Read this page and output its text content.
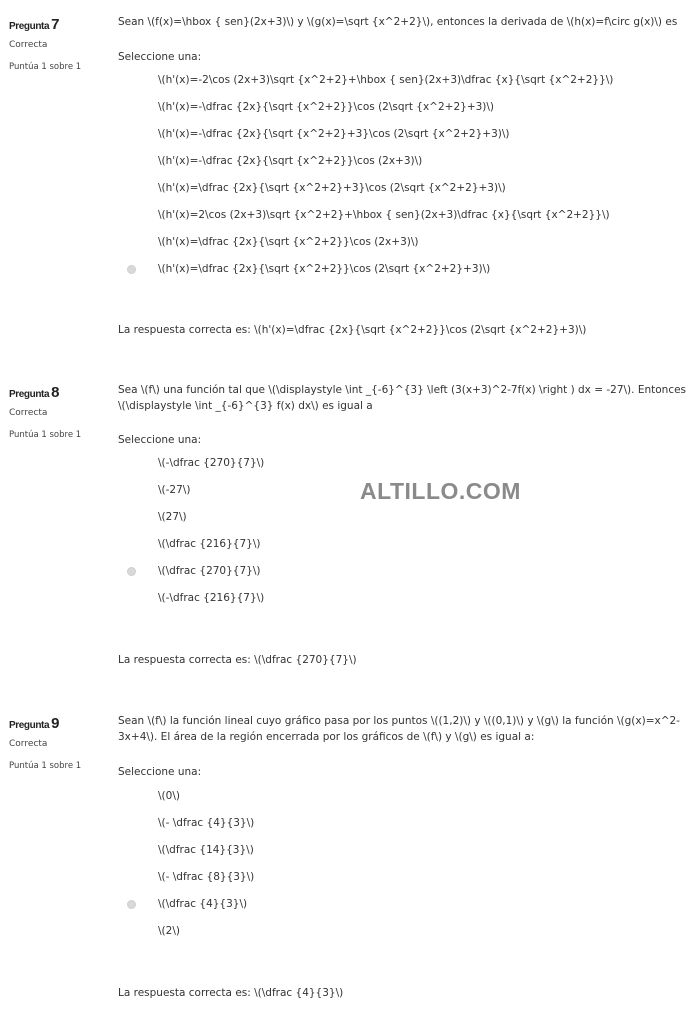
Pregunta 7
Correcta
Puntúa 1 sobre 1

Sean \(f(x)=\hbox { sen}(2x+3)\) y \(g(x)=\sqrt {x^2+2}\), entonces la derivada de \(h(x)=f\circ g(x)\) es

Seleccione una:
\(h'(x)=-2\cos (2x+3)\sqrt {x^2+2}+\hbox { sen}(2x+3)\dfrac {x}{\sqrt {x^2+2}}\)
\(h'(x)=-\dfrac {2x}{\sqrt {x^2+2}}\cos (2\sqrt {x^2+2}+3)\)
\(h'(x)=-\dfrac {2x}{\sqrt {x^2+2}+3}\cos (2\sqrt {x^2+2}+3)\)
\(h'(x)=-\dfrac {2x}{\sqrt {x^2+2}}\cos (2x+3)\)
\(h'(x)=\dfrac {2x}{\sqrt {x^2+2}+3}\cos (2\sqrt {x^2+2}+3)\)
\(h'(x)=2\cos (2x+3)\sqrt {x^2+2}+\hbox { sen}(2x+3)\dfrac {x}{\sqrt {x^2+2}}\)
\(h'(x)=\dfrac {2x}{\sqrt {x^2+2}}\cos (2x+3)\)
\(h'(x)=\dfrac {2x}{\sqrt {x^2+2}}\cos (2\sqrt {x^2+2}+3)\)
La respuesta correcta es: \(h'(x)=\dfrac {2x}{\sqrt {x^2+2}}\cos (2\sqrt {x^2+2}+3)\)
Pregunta 8
Correcta
Puntúa 1 sobre 1

Sea \(f\) una función tal que \(\displaystyle \int _{-6}^{3} \left (3(x+3)^2-7f(x) \right ) dx = -27\). Entonces \(\displaystyle \int _{-6}^{3} f(x) dx\) es igual a

Seleccione una:
\(-\dfrac {270}{7}\)
\(-27\)
\(27\)
\(\dfrac {216}{7}\)
\(\dfrac {270}{7}\)
\(-\dfrac {216}{7}\)
La respuesta correcta es: \(\dfrac {270}{7}\)
Pregunta 9
Correcta
Puntúa 1 sobre 1

Sean \(f\) la función lineal cuyo gráfico pasa por los puntos \((1,2)\) y \((0,1)\) y \(g\) la función \(g(x)=x^2-3x+4\). El área de la región encerrada por los gráficos de \(f\) y \(g\) es igual a:

Seleccione una:
\(0\)
\(- \dfrac {4}{3}\)
\(\dfrac {14}{3}\)
\(- \dfrac {8}{3}\)
\(\dfrac {4}{3}\)
\(2\)
La respuesta correcta es: \(\dfrac {4}{3}\)
ALTILLO.COM
